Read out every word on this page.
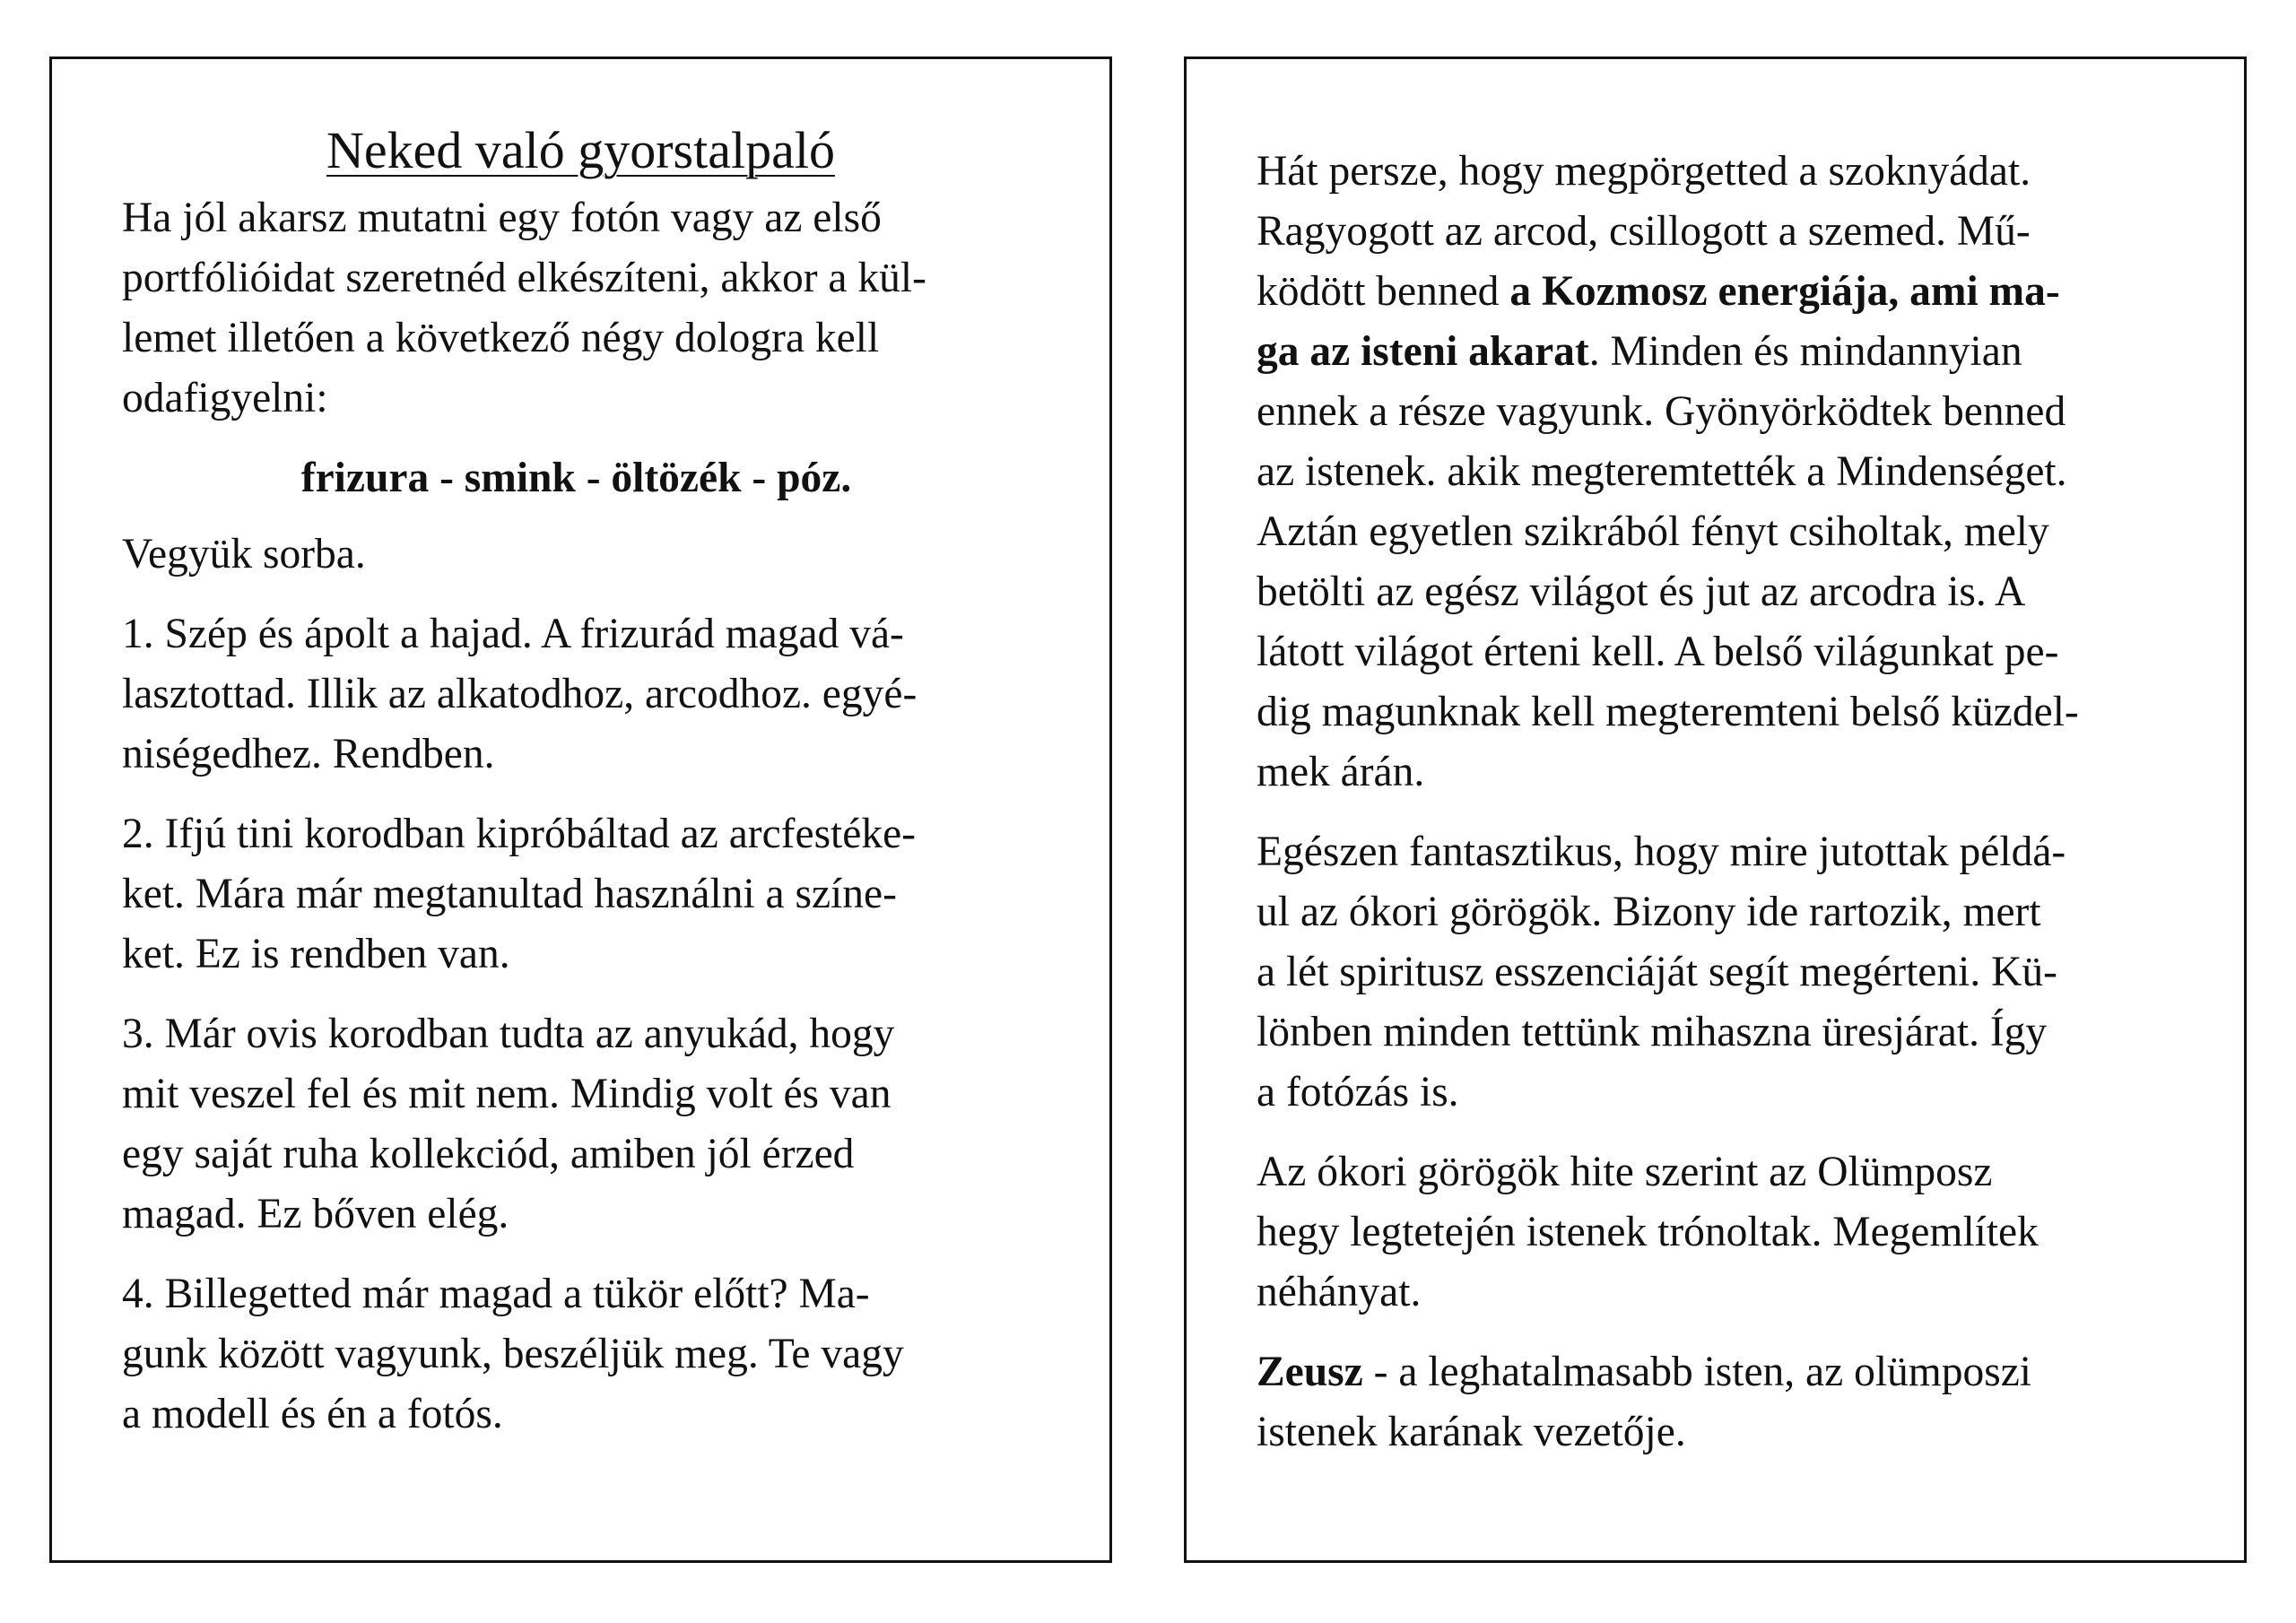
Neked való gyorstalpaló
Ha jól akarsz mutatni egy fotón vagy az első
portfólióidat szeretnéd elkészíteni, akkor a kül-
lemet illetően a következő négy dologra kell
odafigyelni:
frizura - smink - öltözék - póz.
Vegyük sorba.
1. Szép és ápolt a hajad. A frizurád magad vá-
lasztottad. Illik az alkatodhoz, arcodhoz. egyé-
niségedhez. Rendben.
2. Ifjú tini korodban kipróbáltad az arcfestéke-
ket. Mára már megtanultad használni a színe-
ket. Ez is rendben van.
3. Már ovis korodban tudta az anyukád, hogy
mit veszel fel és mit nem. Mindig volt és van
egy saját ruha kollekciód, amiben jól érzed
magad. Ez bőven elég.
4. Billegetted már magad a tükör előtt? Ma-
gunk között vagyunk, beszéljük meg. Te vagy
a modell és én a fotós.
Hát persze, hogy megpörgetted a szoknyádat.
Ragyogott az arcod, csillogott a szemed. Mű-
ködött benned a Kozmosz energiája, ami ma-
ga az isteni akarat. Minden és mindannyian
ennek a része vagyunk. Gyönyörködtek benned
az istenek. akik megteremtették a Mindenséget.
Aztán egyetlen szikrából fényt csiholtak, mely
betölti az egész világot és jut az arcodra is. A
látott világot érteni kell. A belső világunkat pe-
dig magunknak kell megteremteni belső küzdel-
mek árán.
Egészen fantasztikus, hogy mire jutottak példá-
ul az ókori görögök. Bizony ide rartozik, mert
a lét spiritusz esszenciáját segít megérteni. Kü-
lönben minden tettünk mihaszna üresjárat. Így
a fotózás is.
Az ókori görögök hite szerint az Olümposz
hegy legtetején istenek trónoltak. Megemlítek
néhányat.
Zeusz - a leghatalmasabb isten, az olümposzi
istenek karának vezetője.
